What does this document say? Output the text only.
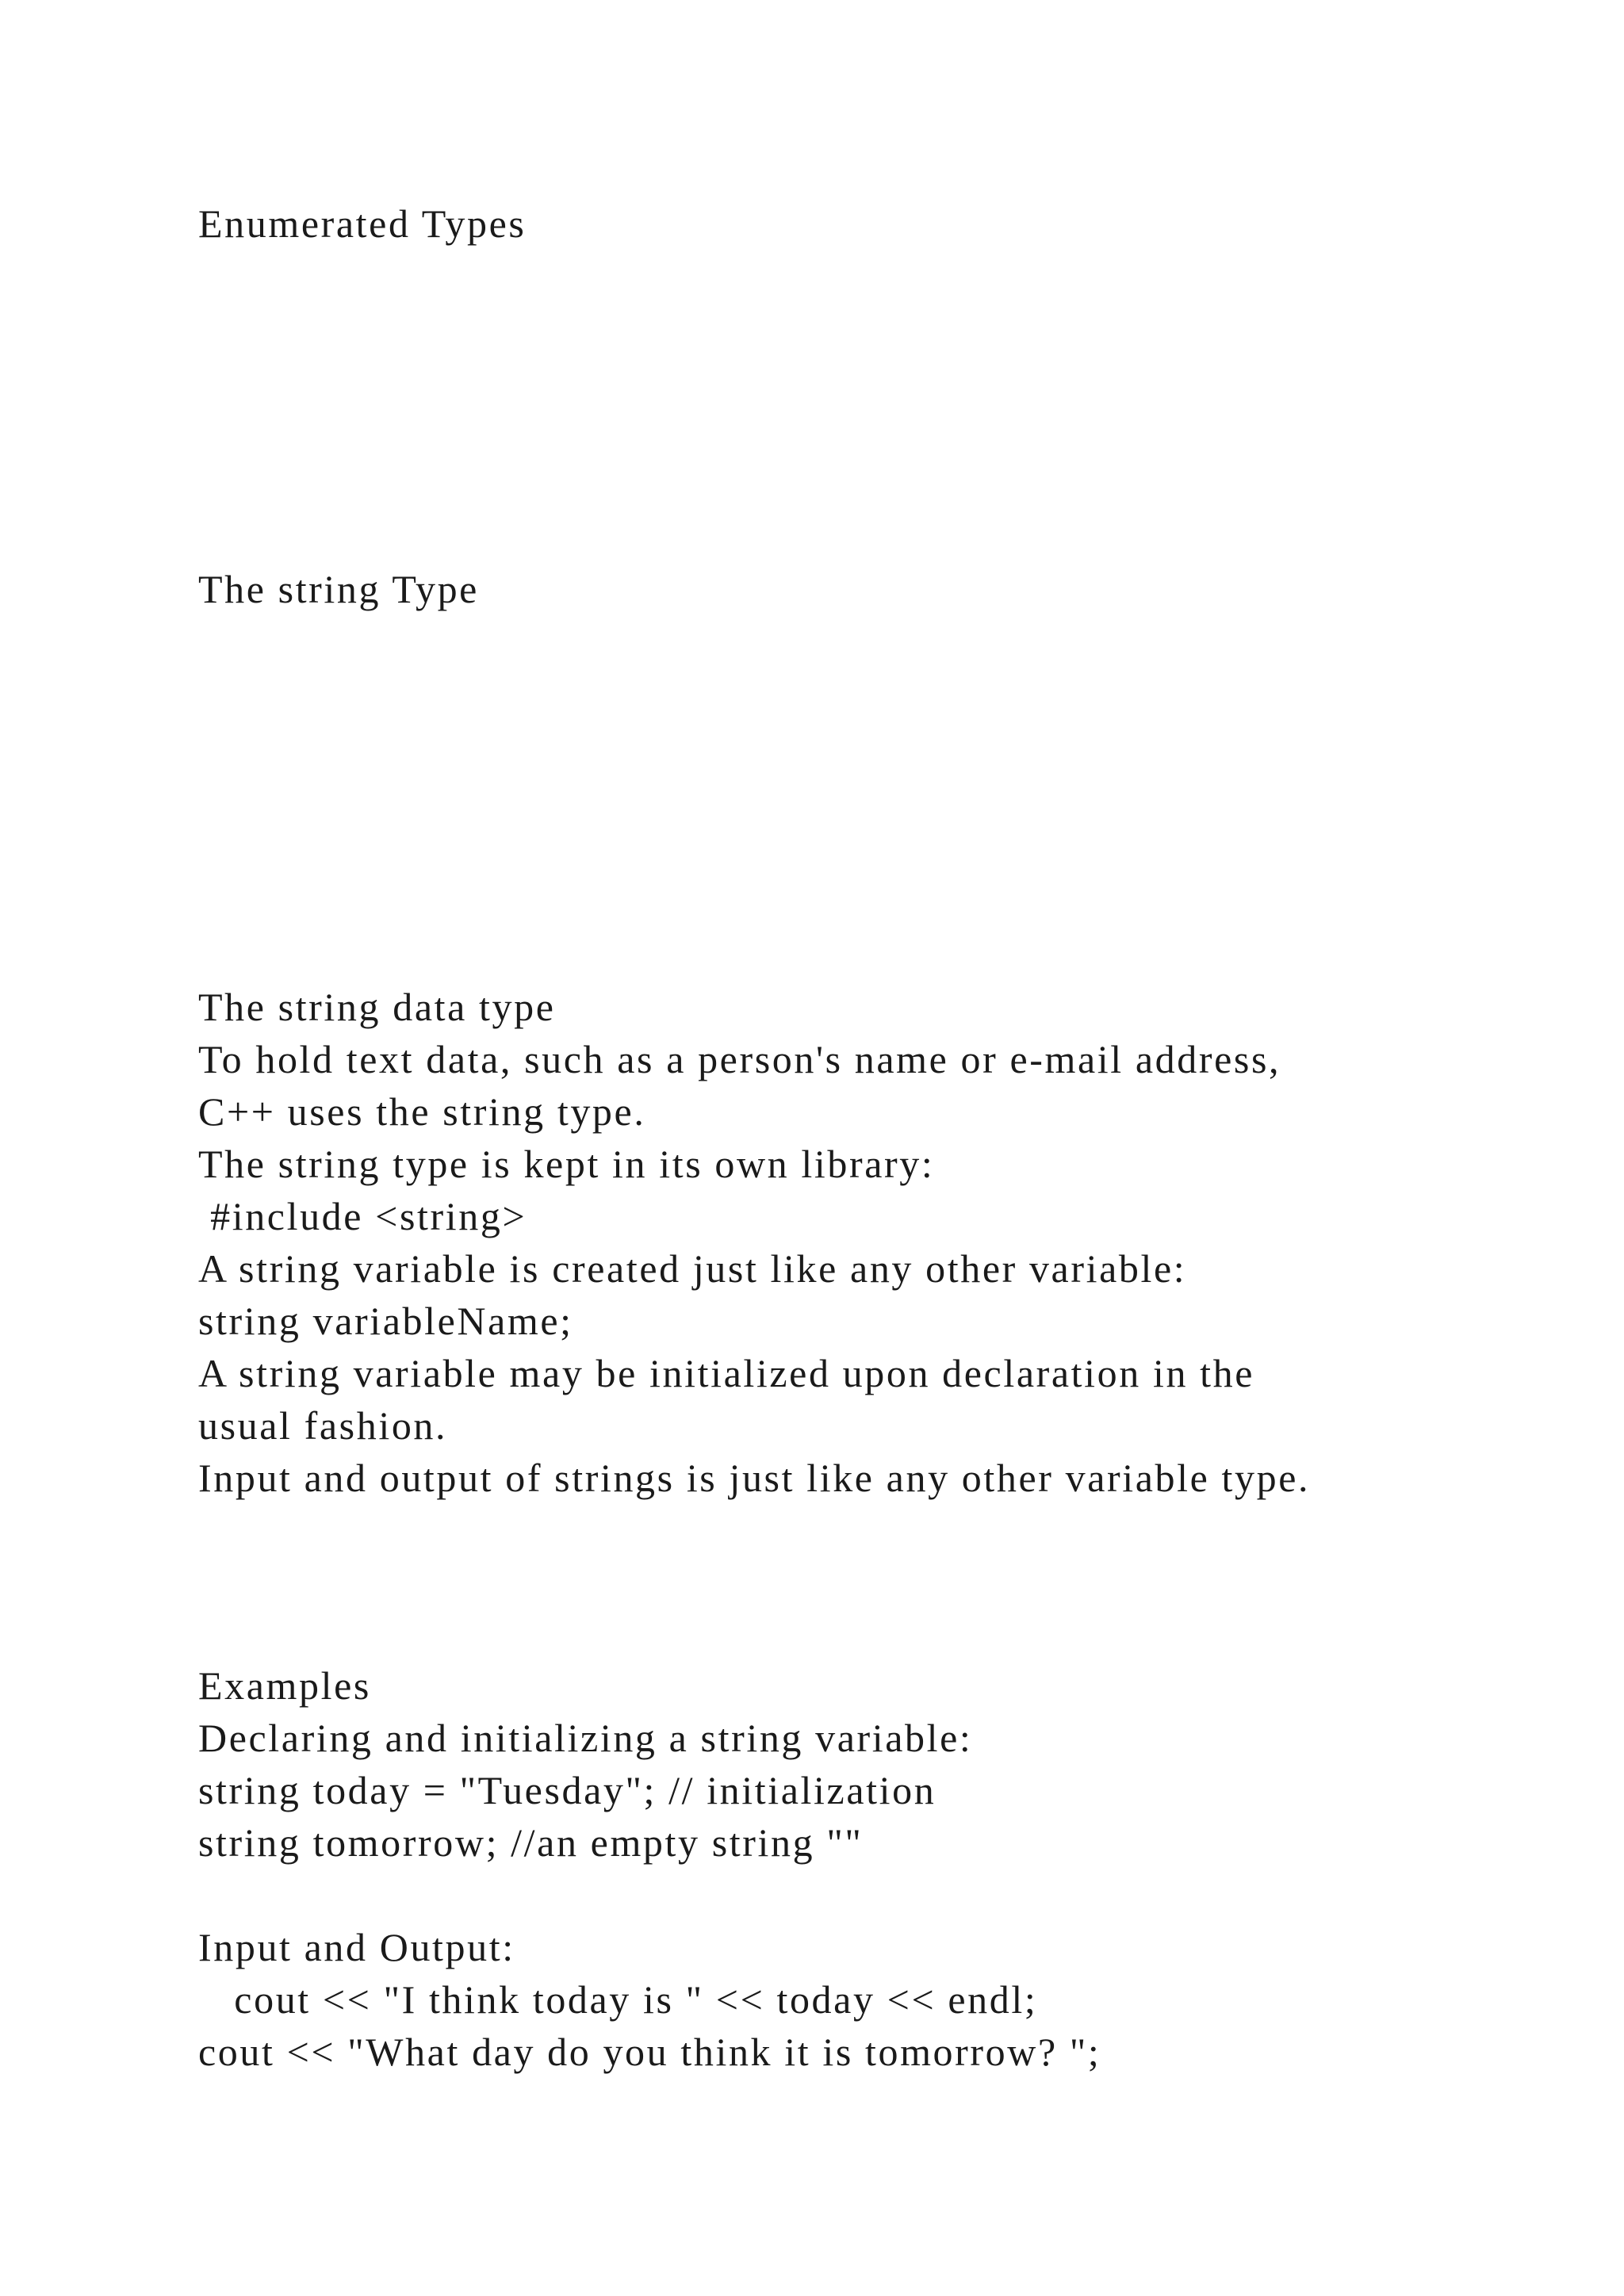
Enumerated Types

The string Type

The string data type

To hold text data, such as a person's name or e-mail address,

C++ uses the string type.

The string type is kept in its own library:

#include <string>

A string variable is created just like any other variable:

string variableName;

A string variable may be initialized upon declaration in the

usual fashion.

Input and output of strings is just like any other variable type.

Examples

Declaring and initializing a string variable:

string today = "Tuesday"; // initialization

string tomorrow; //an empty string ""

Input and Output:

cout << "I think today is " << today << endl;

cout << "What day do you think it is tomorrow? ";
